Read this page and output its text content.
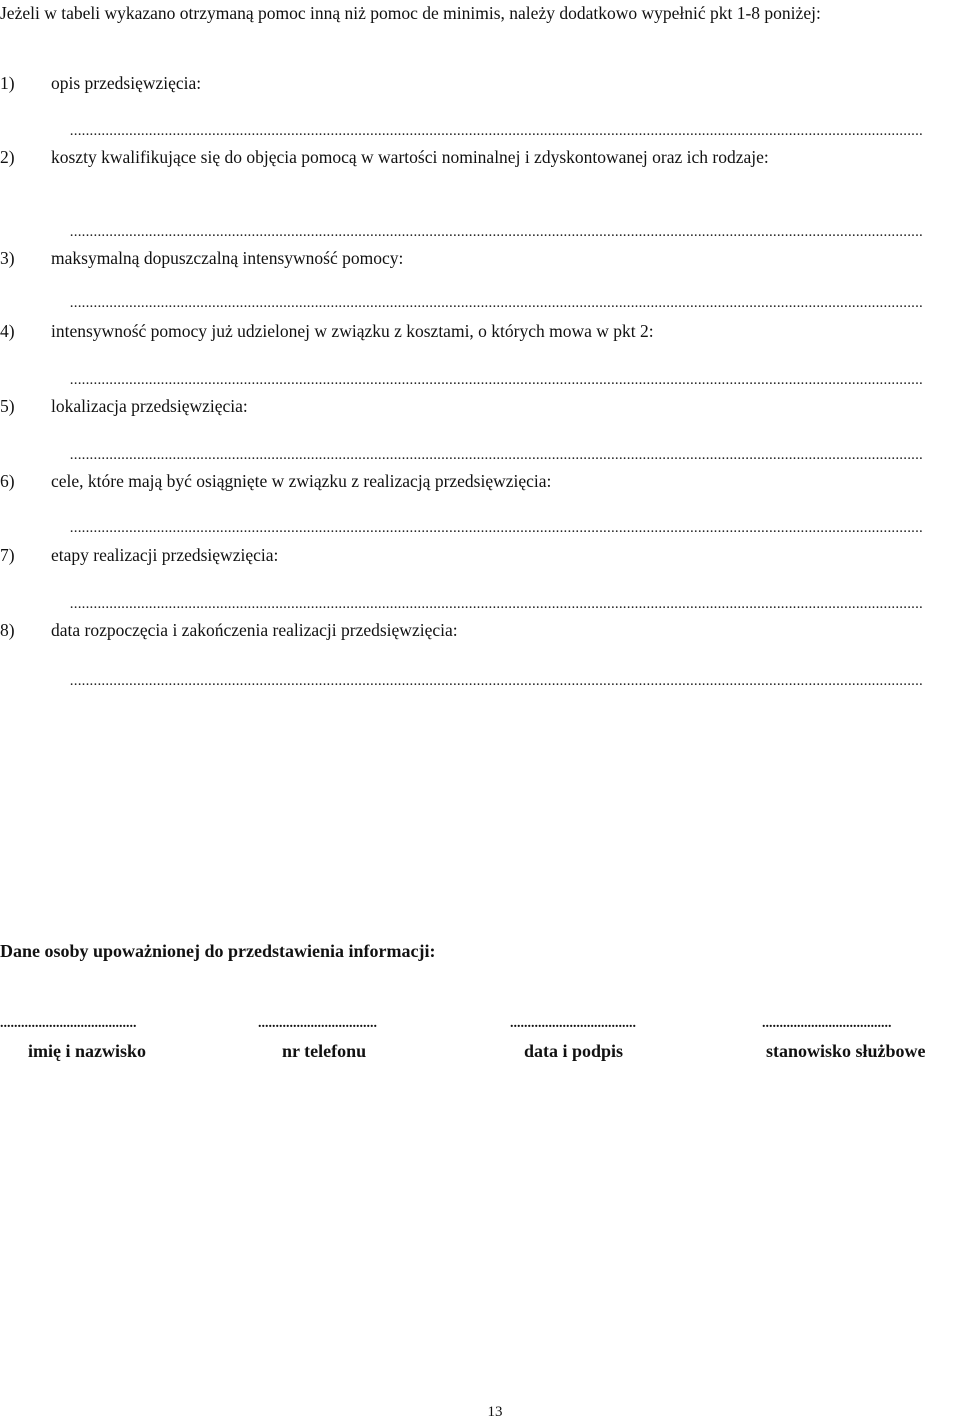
Jeżeli w tabeli wykazano otrzymaną pomoc inną niż pomoc de minimis, należy dodatkowo wypełnić pkt 1-8 poniżej:
1) opis przedsięwzięcia:
........................................................................................................................................................................................................................
2) koszty kwalifikujące się do objęcia pomocą w wartości nominalnej i zdyskontowanej oraz ich rodzaje:
........................................................................................................................................................................................................................
3) maksymalną dopuszczalną intensywność pomocy:
........................................................................................................................................................................................................................
4) intensywność pomocy już udzielonej w związku z kosztami, o których mowa w pkt 2:
........................................................................................................................................................................................................................
5) lokalizacja przedsięwzięcia:
........................................................................................................................................................................................................................
6) cele, które mają być osiągnięte w związku z realizacją przedsięwzięcia:
........................................................................................................................................................................................................................
7) etapy realizacji przedsięwzięcia:
........................................................................................................................................................................................................................
8) data rozpoczęcia i zakończenia realizacji przedsięwzięcia:
........................................................................................................................................................................................................................
Dane osoby upoważnionej do przedstawienia informacji:
.......................................	..................................	....................................	.....................................
imię i nazwisko	nr telefonu	data i podpis	stanowisko służbowe
13
